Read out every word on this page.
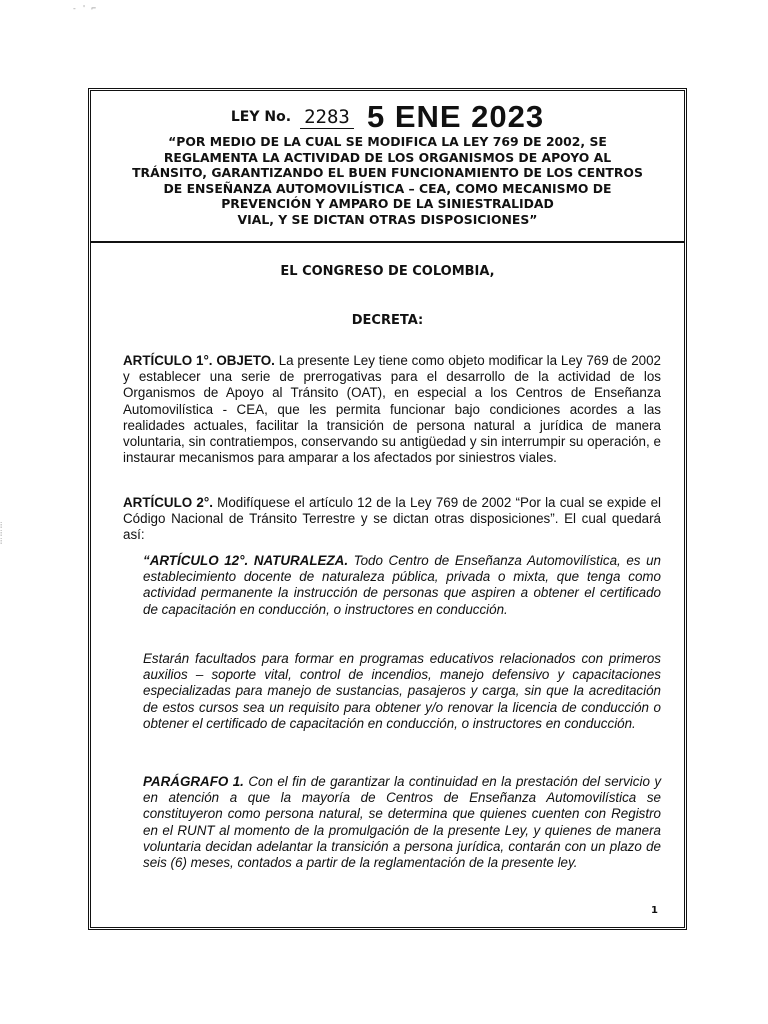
- ' ⌐
⁞
⁞
⁞
LEY No. 2283 5 ENE 2023
“POR MEDIO DE LA CUAL SE MODIFICA LA LEY 769 DE 2002, SE
REGLAMENTA LA ACTIVIDAD DE LOS ORGANISMOS DE APOYO AL
TRÁNSITO, GARANTIZANDO EL BUEN FUNCIONAMIENTO DE LOS CENTROS
DE ENSEÑANZA AUTOMOVILÍSTICA – CEA, COMO MECANISMO DE
PREVENCIÓN Y AMPARO DE LA SINIESTRALIDAD
VIAL, Y SE DICTAN OTRAS DISPOSICIONES”
EL CONGRESO DE COLOMBIA,
DECRETA:

ARTÍCULO 1°. OBJETO. La presente Ley tiene como objeto modificar la Ley 769 de 2002 y establecer una serie de prerrogativas para el desarrollo de la actividad de los Organismos de Apoyo al Tránsito (OAT), en especial a los Centros de Enseñanza Automovilística - CEA, que les permita funcionar bajo condiciones acordes a las realidades actuales, facilitar la transición de persona natural a jurídica de manera voluntaria, sin contratiempos, conservando su antigüedad y sin interrumpir su operación, e instaurar mecanismos para amparar a los afectados por siniestros viales.

ARTÍCULO 2°. Modifíquese el artículo 12 de la Ley 769 de 2002 “Por la cual se expide el Código Nacional de Tránsito Terrestre y se dictan otras disposiciones”. El cual quedará así:

“ARTÍCULO 12°. NATURALEZA. Todo Centro de Enseñanza Automovilística, es un establecimiento docente de naturaleza pública, privada o mixta, que tenga como actividad permanente la instrucción de personas que aspiren a obtener el certificado de capacitación en conducción, o instructores en conducción.

Estarán facultados para formar en programas educativos relacionados con primeros auxilios – soporte vital, control de incendios, manejo defensivo y capacitaciones especializadas para manejo de sustancias, pasajeros y carga, sin que la acreditación de estos cursos sea un requisito para obtener y/o renovar la licencia de conducción o obtener el certificado de capacitación en conducción, o instructores en conducción.

PARÁGRAFO 1. Con el fin de garantizar la continuidad en la prestación del servicio y en atención a que la mayoría de Centros de Enseñanza Automovilística se constituyeron como persona natural, se determina que quienes cuenten con Registro en el RUNT al momento de la promulgación de la presente Ley, y quienes de manera voluntaria decidan adelantar la transición a persona jurídica, contarán con un plazo de seis (6) meses, contados a partir de la reglamentación de la presente ley.

1
